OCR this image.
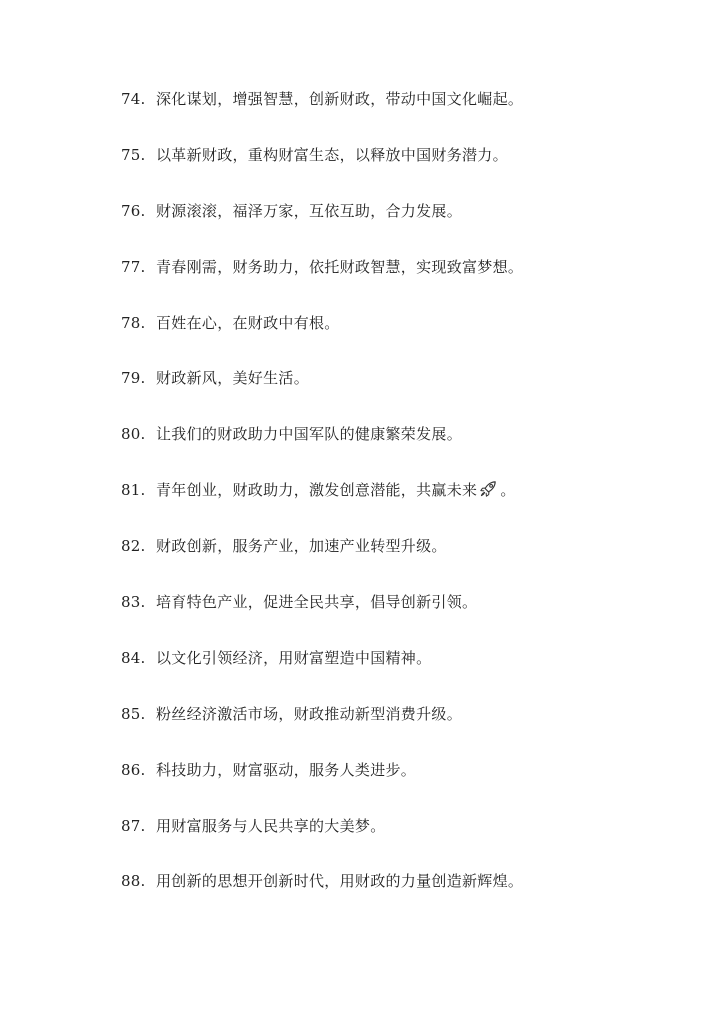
74. 深化谋划，增强智慧，创新财政，带动中国文化崛起。
75. 以革新财政，重构财富生态，以释放中国财务潜力。
76. 财源滚滚，福泽万家，互依互助，合力发展。
77. 青春刚需，财务助力，依托财政智慧，实现致富梦想。
78. 百姓在心，在财政中有根。
79. 财政新风，美好生活。
80. 让我们的财政助力中国军队的健康繁荣发展。
81. 青年创业，财政助力，激发创意潜能，共赢未来 。
82. 财政创新，服务产业，加速产业转型升级。
83. 培育特色产业，促进全民共享，倡导创新引领。
84. 以文化引领经济，用财富塑造中国精神。
85. 粉丝经济激活市场，财政推动新型消费升级。
86. 科技助力，财富驱动，服务人类进步。
87. 用财富服务与人民共享的大美梦。
88. 用创新的思想开创新时代，用财政的力量创造新辉煌。
